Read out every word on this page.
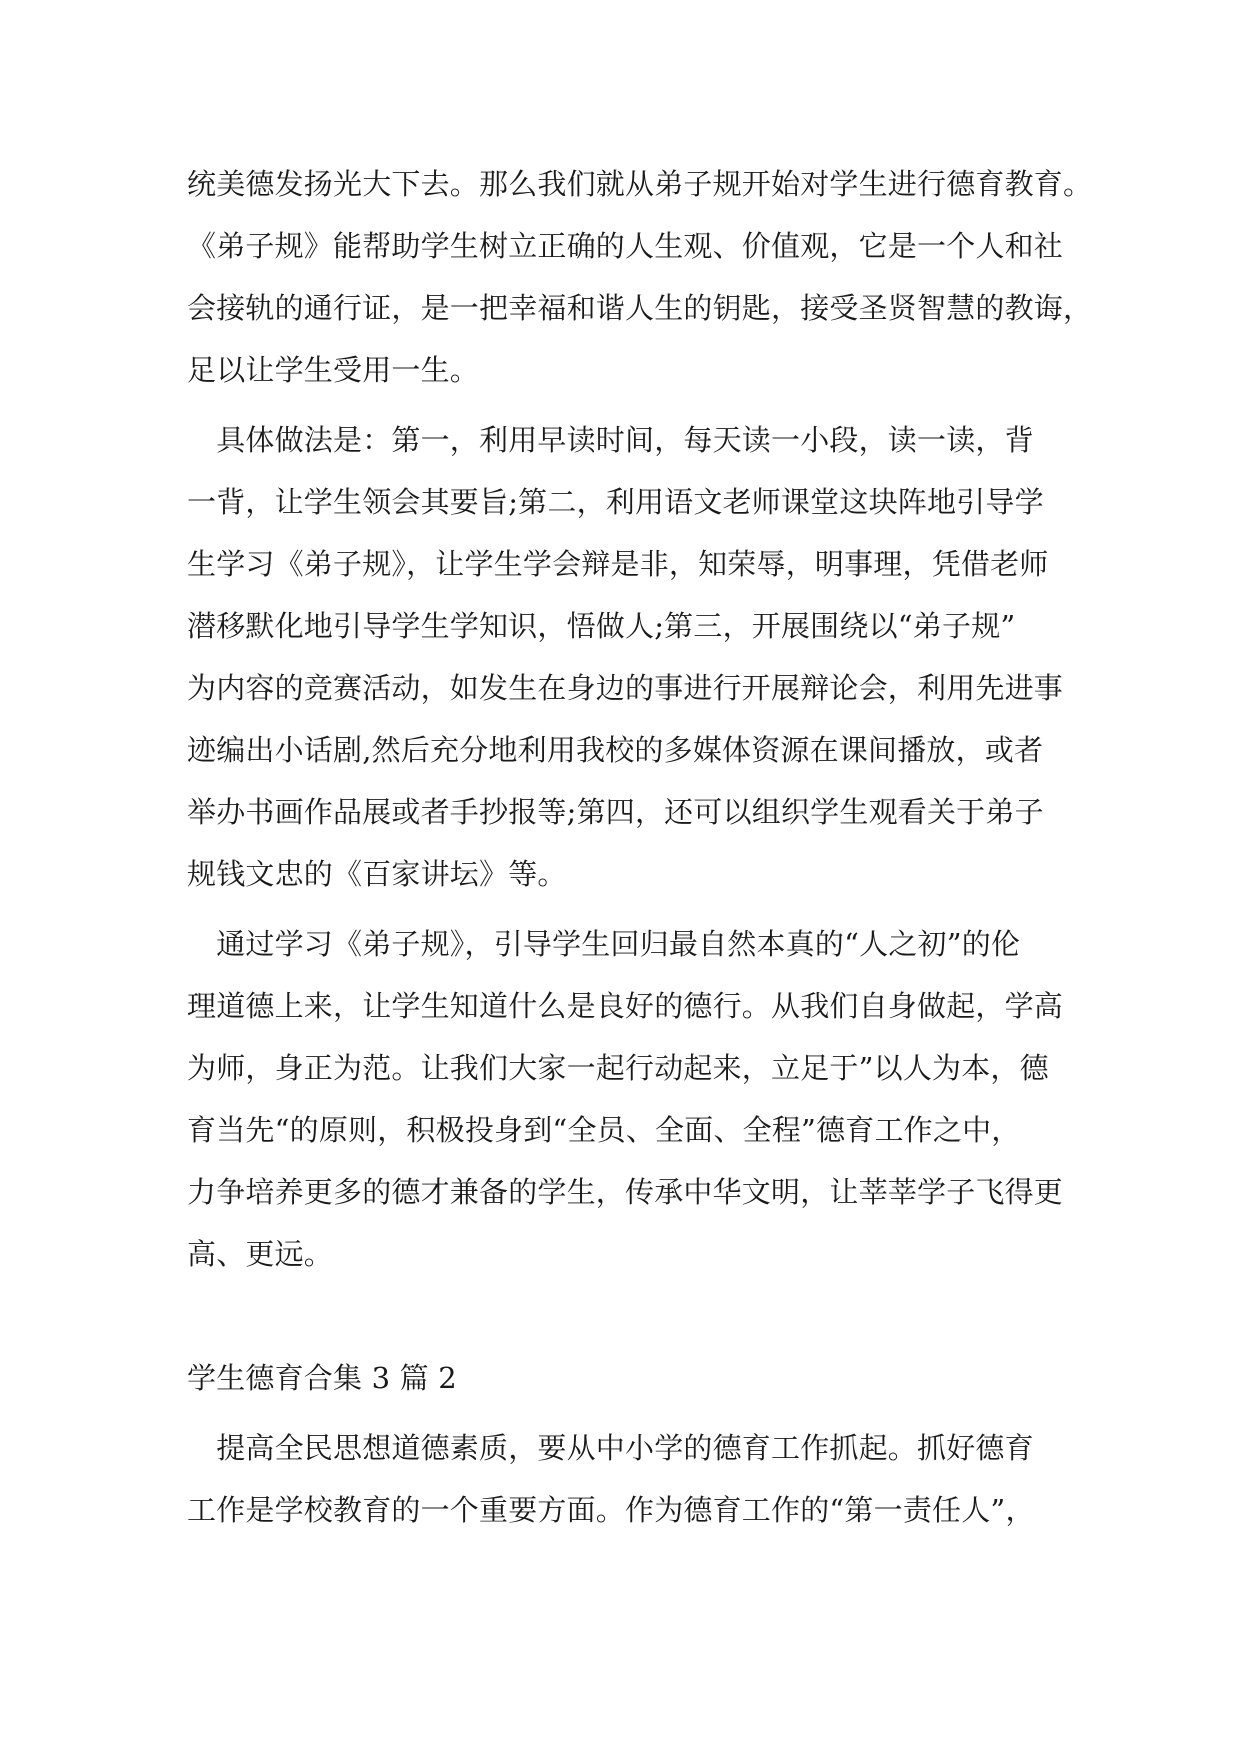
统美德发扬光大下去。那么我们就从弟子规开始对学生进行德育教育。
《弟子规》能帮助学生树立正确的人生观、价值观，它是一个人和社
会接轨的通行证，是一把幸福和谐人生的钥匙，接受圣贤智慧的教诲，
足以让学生受用一生。
　具体做法是：第一，利用早读时间，每天读一小段，读一读，背
一背，让学生领会其要旨;第二，利用语文老师课堂这块阵地引导学
生学习《弟子规》，让学生学会辩是非，知荣辱，明事理，凭借老师
潜移默化地引导学生学知识，悟做人;第三，开展围绕以“弟子规”
为内容的竞赛活动，如发生在身边的事进行开展辩论会，利用先进事
迹编出小话剧,然后充分地利用我校的多媒体资源在课间播放，或者
举办书画作品展或者手抄报等;第四，还可以组织学生观看关于弟子
规钱文忠的《百家讲坛》等。
　通过学习《弟子规》，引导学生回归最自然本真的“人之初”的伦
理道德上来，让学生知道什么是良好的德行。从我们自身做起，学高
为师，身正为范。让我们大家一起行动起来，立足于”以人为本，德
育当先“的原则，积极投身到“全员、全面、全程”德育工作之中，
力争培养更多的德才兼备的学生，传承中华文明，让莘莘学子飞得更
高、更远。
学生德育合集 3 篇 2
　提高全民思想道德素质，要从中小学的德育工作抓起。抓好德育
工作是学校教育的一个重要方面。作为德育工作的“第一责任人”，
